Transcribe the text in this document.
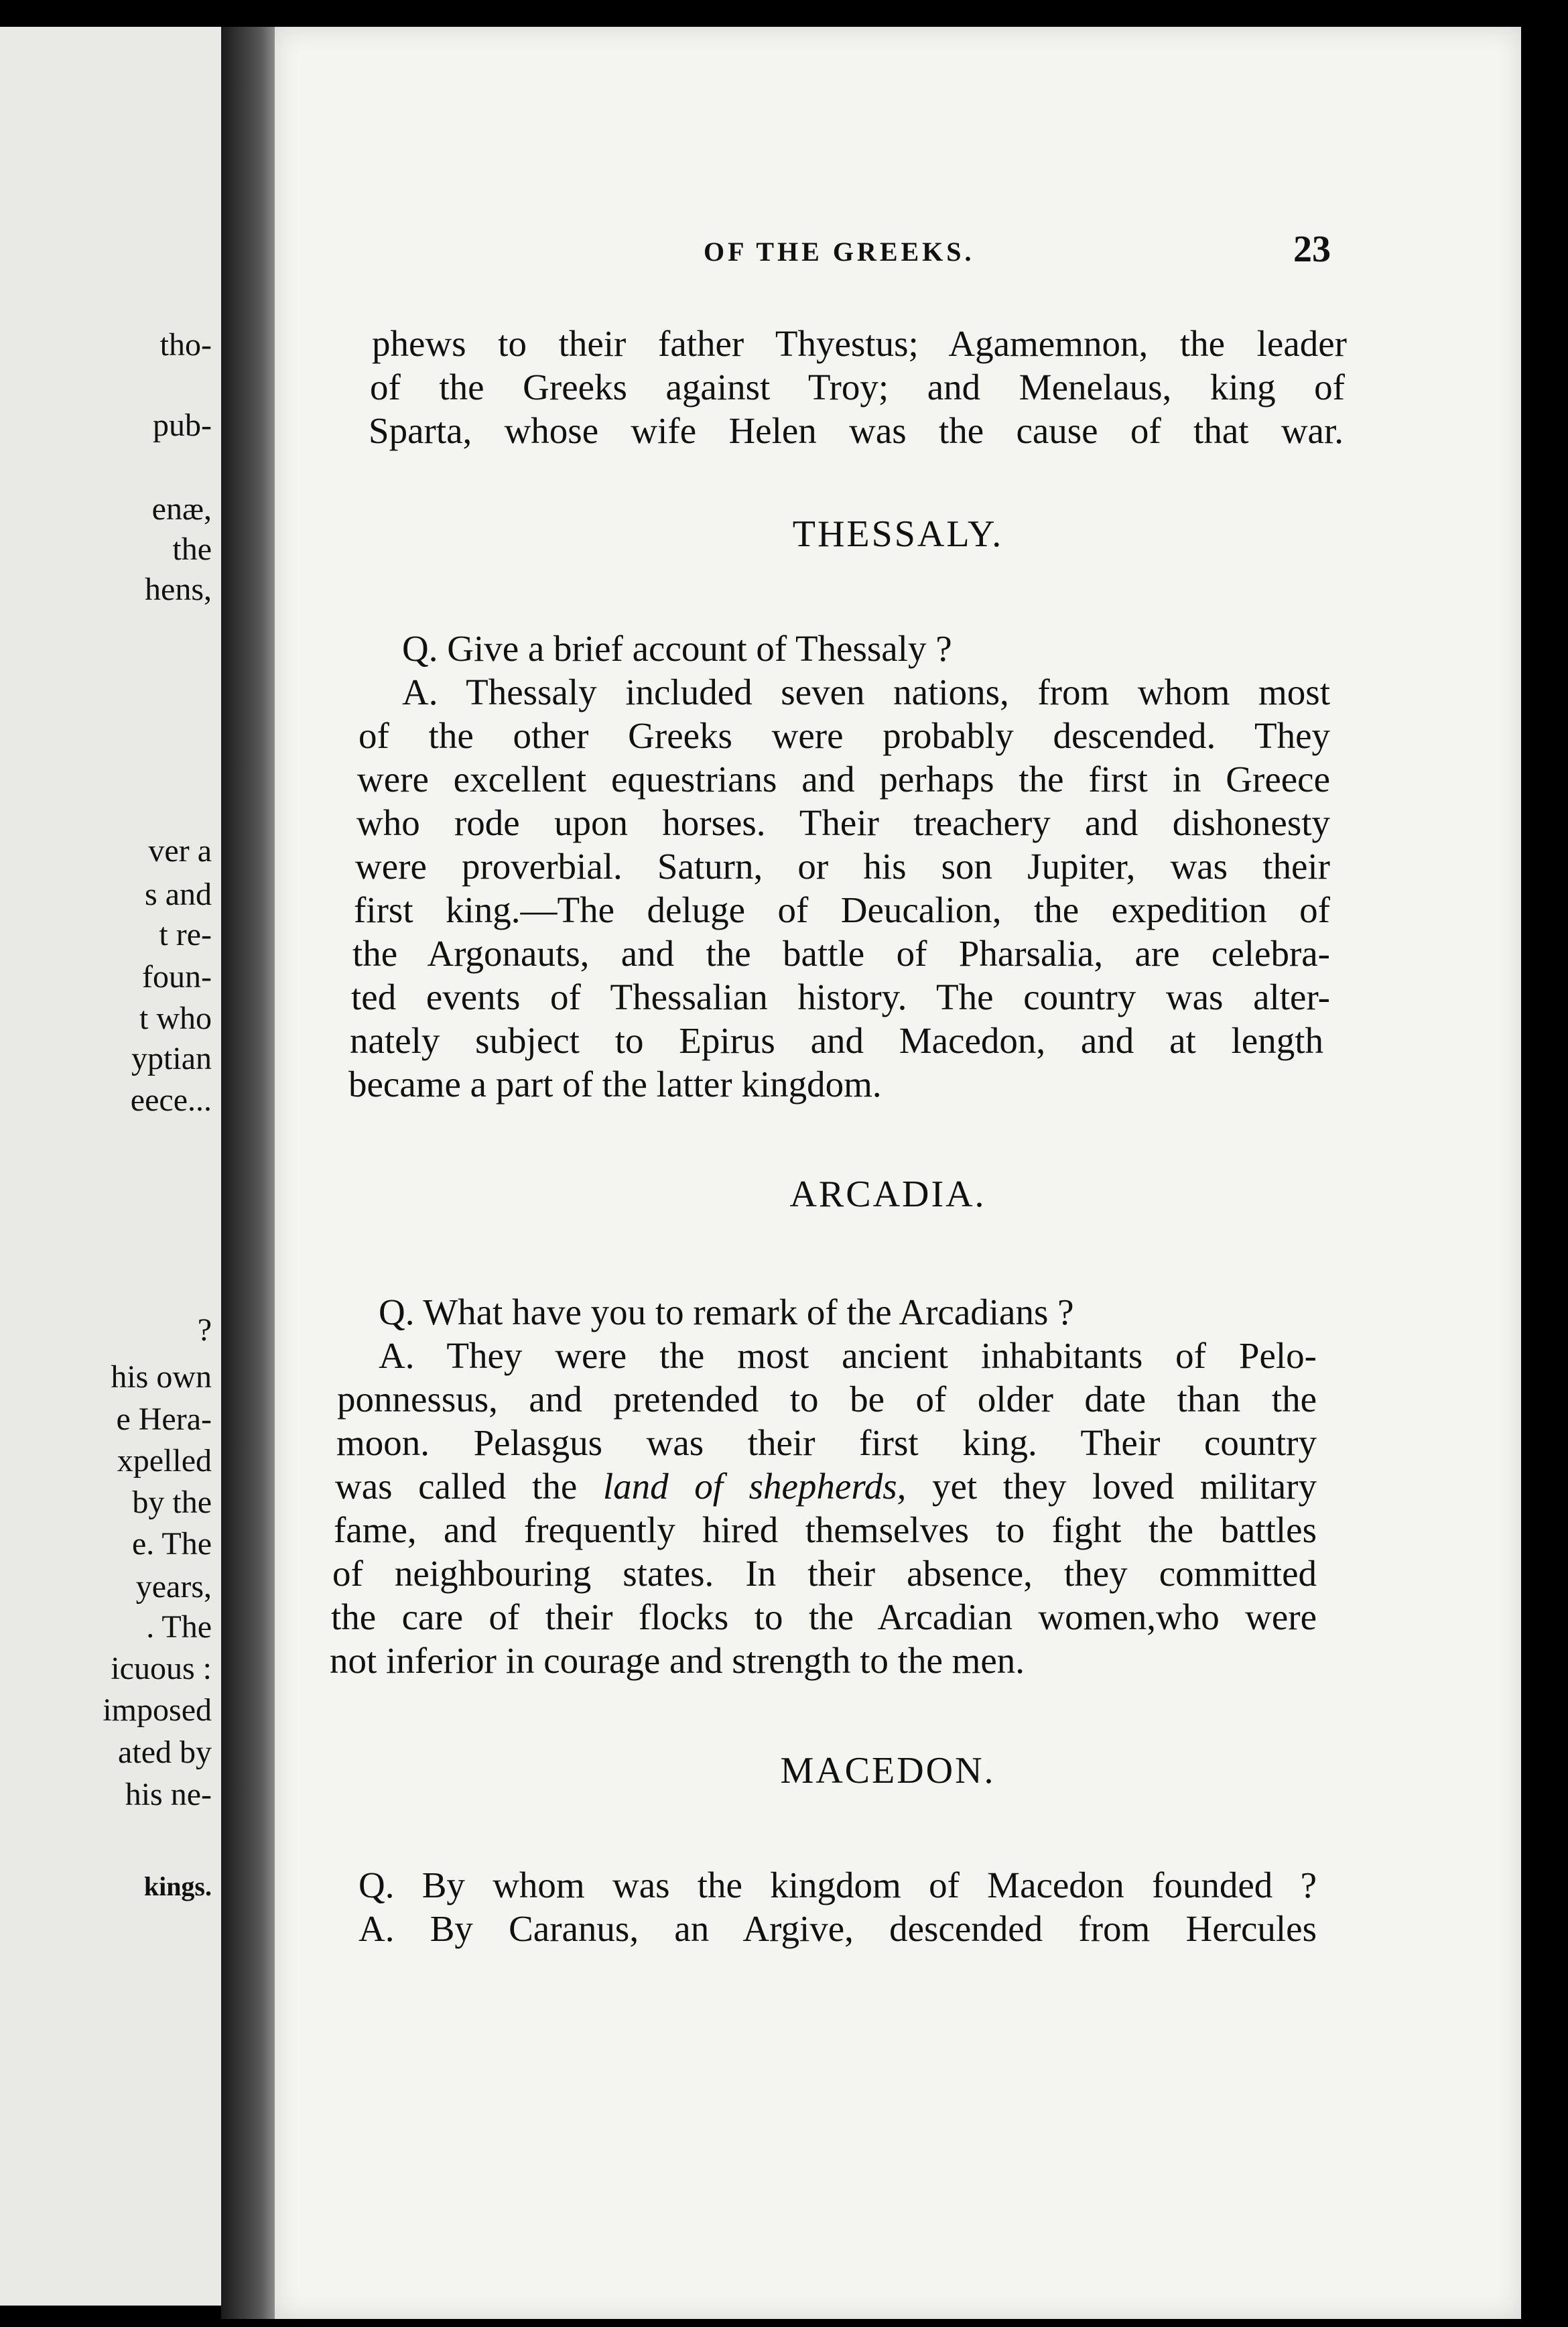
tho-
pub-
enæ,
the
hens,
ver a
s and
t re-
foun-
t who
yptian
eece...
?
his own
e Hera-
xpelled
by the
e. The
years,
. The
icuous :
imposed
ated by
his ne-
kings.
OF THE GREEKS.	23
phews to their father Thyestus; Agamemnon, the leader
of the Greeks against Troy; and Menelaus, king of
Sparta, whose wife Helen was the cause of that war.
THESSALY.
Q. Give a brief account of Thessaly ?
A. Thessaly included seven nations, from whom most
of the other Greeks were probably descended. They
were excellent equestrians and perhaps the first in Greece
who rode upon horses. Their treachery and dishonesty
were proverbial. Saturn, or his son Jupiter, was their
first king.—The deluge of Deucalion, the expedition of
the Argonauts, and the battle of Pharsalia, are celebra-
ted events of Thessalian history. The country was alter-
nately subject to Epirus and Macedon, and at length
became a part of the latter kingdom.
ARCADIA.
Q. What have you to remark of the Arcadians ?
A. They were the most ancient inhabitants of Pelo-
ponnessus, and pretended to be of older date than the
moon. Pelasgus was their first king. Their country
was called the land of shepherds, yet they loved military
fame, and frequently hired themselves to fight the battles
of neighbouring states. In their absence, they committed
the care of their flocks to the Arcadian women,who were
not inferior in courage and strength to the men.
MACEDON.
Q. By whom was the kingdom of Macedon founded ?
A. By Caranus, an Argive, descended from Hercules
